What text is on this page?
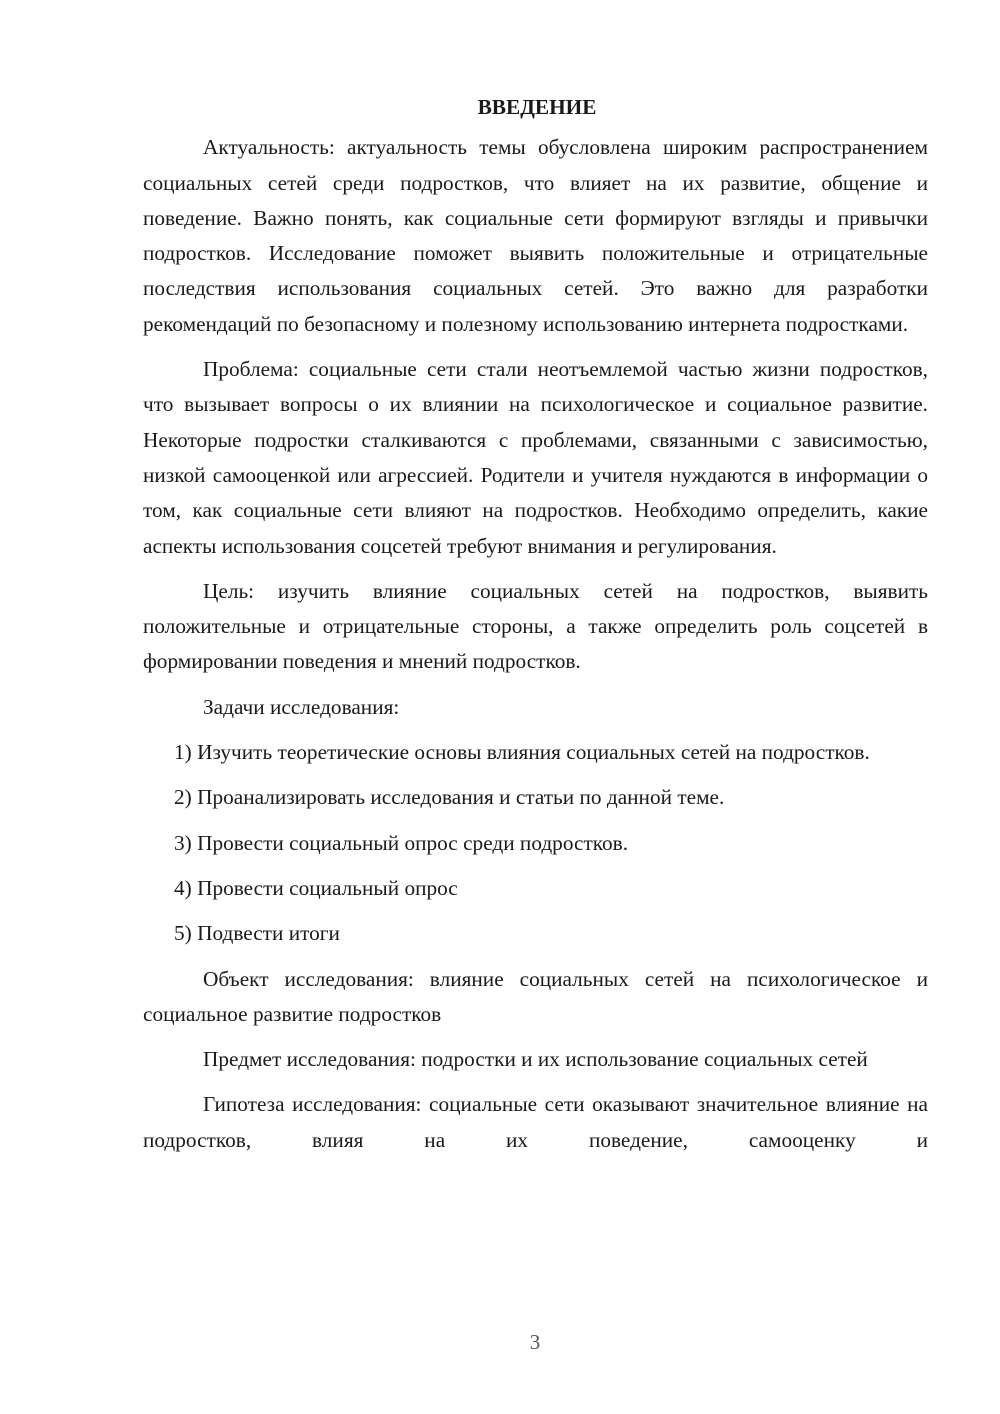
ВВЕДЕНИЕ

Актуальность: актуальность темы обусловлена широким распространением социальных сетей среди подростков, что влияет на их развитие, общение и поведение. Важно понять, как социальные сети формируют взгляды и привычки подростков. Исследование поможет выявить положительные и отрицательные последствия использования социальных сетей. Это важно для разработки рекомендаций по безопасному и полезному использованию интернета подростками.

Проблема: социальные сети стали неотъемлемой частью жизни подростков, что вызывает вопросы о их влиянии на психологическое и социальное развитие. Некоторые подростки сталкиваются с проблемами, связанными с зависимостью, низкой самооценкой или агрессией. Родители и учителя нуждаются в информации о том, как социальные сети влияют на подростков. Необходимо определить, какие аспекты использования соцсетей требуют внимания и регулирования.

Цель: изучить влияние социальных сетей на подростков, выявить положительные и отрицательные стороны, а также определить роль соцсетей в формировании поведения и мнений подростков.

Задачи исследования:

1) Изучить теоретические основы влияния социальных сетей на подростков.

2) Проанализировать исследования и статьи по данной теме.

3) Провести социальный опрос среди подростков.

4) Провести социальный опрос

5) Подвести итоги

Объект исследования: влияние социальных сетей на психологическое и социальное развитие подростков

Предмет исследования: подростки и их использование социальных сетей

Гипотеза исследования: социальные сети оказывают значительное влияние на подростков, влияя на их поведение, самооценку и

3
